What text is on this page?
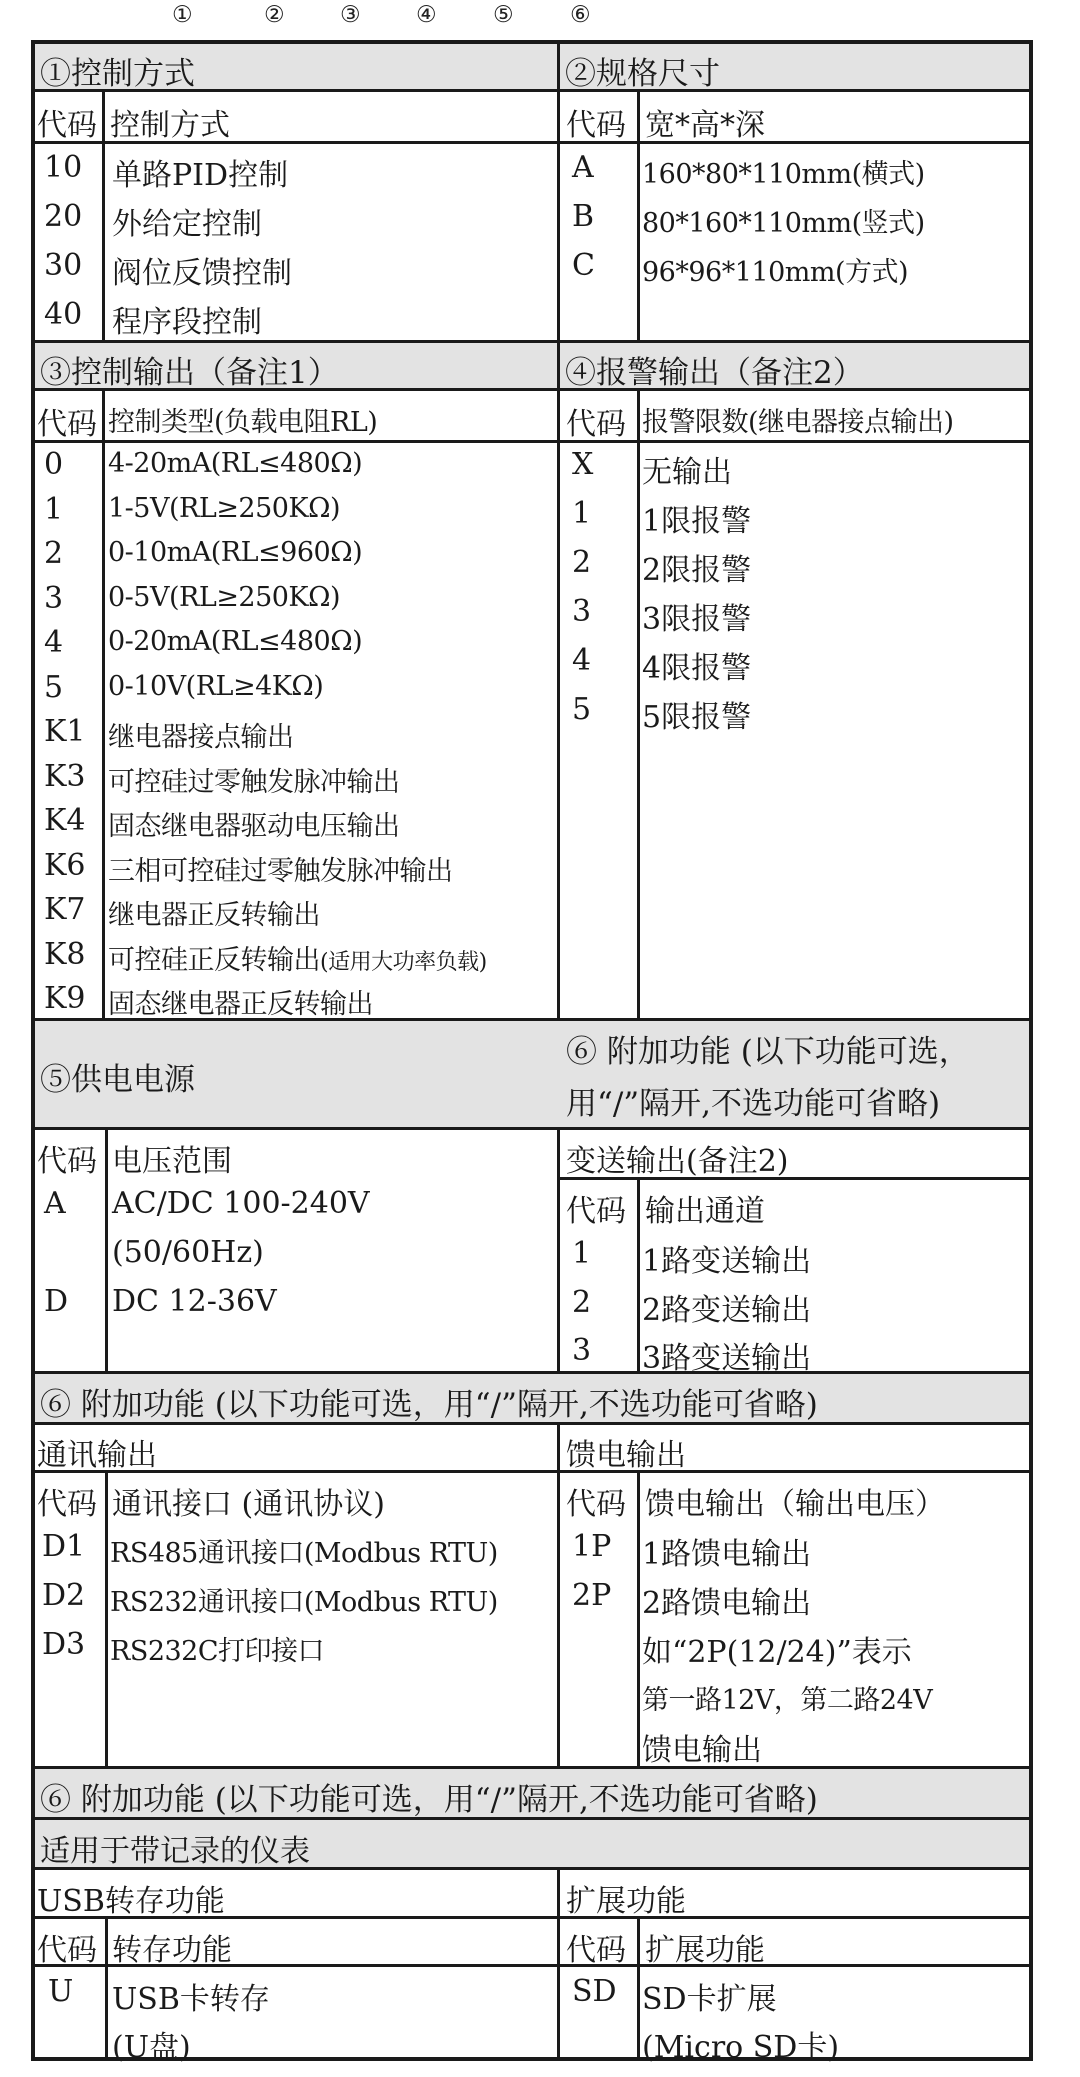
①	② ③ ④ ⑤ ⑥
①控制方式
代码 控制方式
10 单路PID控制
20 外给定控制
30 阀位反馈控制
40 程序段控制
②规格尺寸
代码 宽*高*深
A 160*80*110mm(横式)
B 80*160*110mm(竖式)
C 96*96*110mm(方式)
③控制输出（备注1）
代码 控制类型(负载电阻RL)
0 4-20mA(RL≤480Ω)
1 1-5V(RL≥250KΩ)
2 0-10mA(RL≤960Ω)
3 0-5V(RL≥250KΩ)
4 0-20mA(RL≤480Ω)
5 0-10V(RL≥4KΩ)
K1 继电器接点输出
K3 可控硅过零触发脉冲输出
K4 固态继电器驱动电压输出
K6 三相可控硅过零触发脉冲输出
K7 继电器正反转输出
K8 可控硅正反转输出(适用大功率负载)
K9 固态继电器正反转输出
④报警输出（备注2）
代码 报警限数(继电器接点输出)
X 无输出
1 1限报警
2 2限报警
3 3限报警
4 4限报警
5 5限报警
⑤供电电源
代码 电压范围
A AC/DC 100-240V
(50/60Hz)
D DC 12-36V
⑥ 附加功能 (以下功能可选，
用“/”隔开,不选功能可省略)
变送输出(备注2)
代码 输出通道
1 1路变送输出
2 2路变送输出
3 3路变送输出
⑥ 附加功能 (以下功能可选，用“/”隔开,不选功能可省略)
通讯输出	馈电输出
代码 通讯接口 (通讯协议)	代码 馈电输出（输出电压）
D1 RS485通讯接口(Modbus RTU)
D2 RS232通讯接口(Modbus RTU)
D3 RS232C打印接口
1P 1路馈电输出
2P 2路馈电输出
如“2P(12/24)”表示
第一路12V，第二路24V
馈电输出
⑥ 附加功能 (以下功能可选，用“/”隔开,不选功能可省略)
适用于带记录的仪表
USB转存功能	扩展功能
代码 转存功能	代码 扩展功能
U USB卡转存
(U盘)
SD SD卡扩展
(Micro SD卡)
